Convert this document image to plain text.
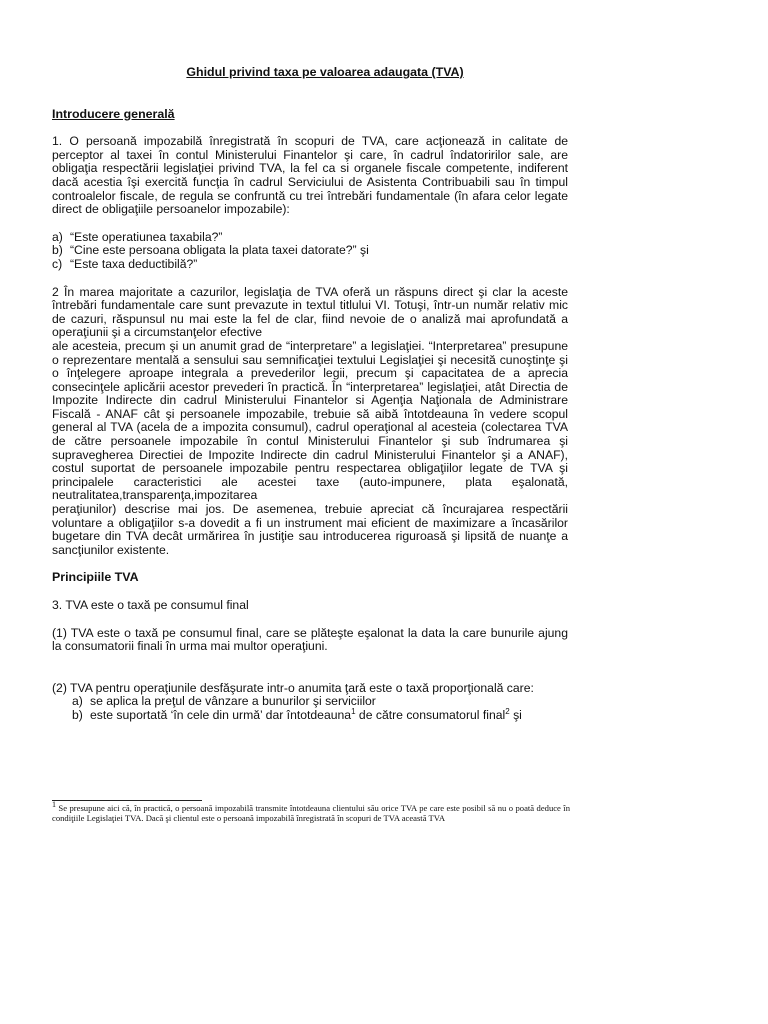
Ghidul privind taxa pe valoarea adaugata (TVA)
Introducere generală

1. O persoană impozabilă înregistrată în scopuri de TVA, care acţionează in calitate de perceptor al taxei în contul Ministerului Finantelor şi care, în cadrul îndatoririlor sale, are obligaţia respectării legislaţiei privind TVA, la fel ca si organele fiscale competente, indiferent dacă acestia îşi exercită funcţia în cadrul Serviciului de Asistenta Contribuabili sau în timpul controalelor fiscale, de regula se confruntă cu trei întrebări fundamentale (în afara celor legate direct de obligaţiile persoanelor impozabile):

a) “Este operatiunea taxabila?”
b) “Cine este persoana obligata la plata taxei datorate?” şi
c) “Este taxa deductibilă?”

2 În marea majoritate a cazurilor, legislaţia de TVA oferă un răspuns direct şi clar la aceste întrebări fundamentale care sunt prevazute in textul titlului VI. Totuşi, într-un număr relativ mic de cazuri, răspunsul nu mai este la fel de clar, fiind nevoie de o analiză mai aprofundată a operaţiunii şi a circumstanţelor efective

ale acesteia, precum şi un anumit grad de “interpretare” a legislaţiei. “Interpretarea” presupune o reprezentare mentală a sensului sau semnificaţiei textului Legislaţiei şi necesită cunoştinţe şi o înţelegere aproape integrala a prevederilor legii, precum şi capacitatea de a aprecia consecinţele aplicării acestor prevederi în practică. În “interpretarea” legislaţiei, atât Directia de Impozite Indirecte din cadrul Ministerului Finantelor si Agenţia Naţionala de Administrare Fiscală - ANAF cât şi persoanele impozabile, trebuie să aibă întotdeauna în vedere scopul general al TVA (acela de a impozita consumul), cadrul operaţional al acesteia (colectarea TVA de către persoanele impozabile în contul Ministerului Finantelor şi sub îndrumarea şi supravegherea Directiei de Impozite Indirecte din cadrul Ministerului Finantelor şi a ANAF), costul suportat de persoanele impozabile pentru respectarea obligaţiilor legate de TVA şi principalele caracteristici ale acestei taxe (auto-impunere, plata eşalonată, neutralitatea,transparenţa,impozitarea

peraţiunilor) descrise mai jos. De asemenea, trebuie apreciat că încurajarea respectării voluntare a obligaţiilor s-a dovedit a fi un instrument mai eficient de maximizare a încasărilor bugetare din TVA decât urmărirea în justiţie sau introducerea riguroasă şi lipsită de nuanţe a sancţiunilor existente.

Principiile TVA

3. TVA este o taxă pe consumul final

(1) TVA este o taxă pe consumul final, care se plăteşte eşalonat la data la care bunurile ajung la consumatorii finali în urma mai multor operaţiuni.

(2) TVA pentru operaţiunile desfăşurate intr-o anumita ţară este o taxă proporţională care:

a) se aplica la preţul de vânzare a bunurilor şi serviciilor
b) este suportată ‘în cele din urmă’ dar întotdeauna$^1$ de către consumatorul final$^2$ şi
$^1$ Se presupune aici că, în practică, o persoană impozabilă transmite întotdeauna clientului său orice TVA pe care este posibil să nu o poată deduce în condiţiile Legislaţiei TVA. Dacă şi clientul este o persoană impozabilă înregistrată în scopuri de TVA această TVA
